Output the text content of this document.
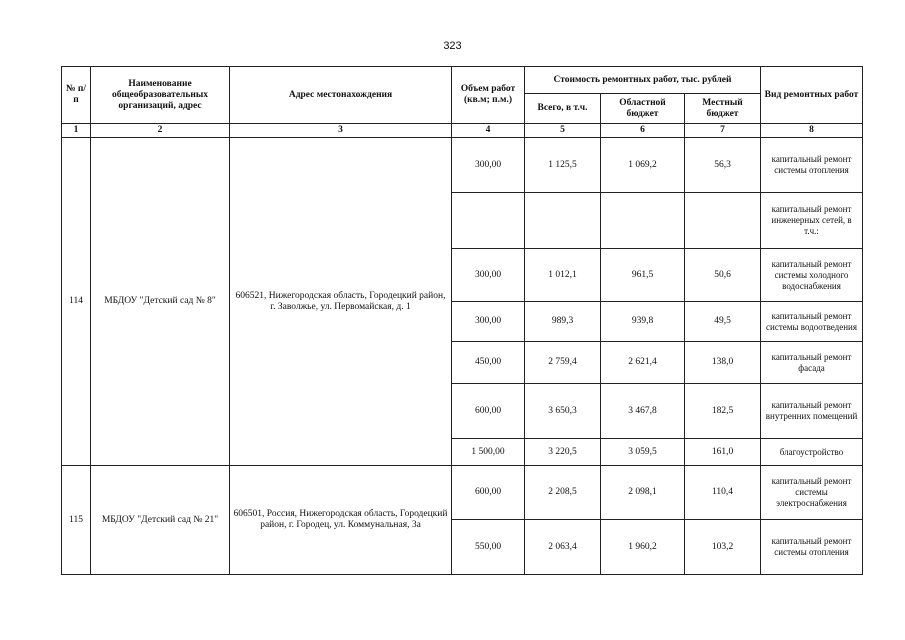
323
№ п/п	Наименование общеобразовательных организаций, адрес	Адрес местонахождения	Объем работ (кв.м; п.м.)	Стоимость ремонтных работ, тыс. рублей			Вид ремонтных работ
				Всего, в т.ч.	Областной бюджет	Местный бюджет	
1	2	3	4	5	6	7	8
114	МБДОУ "Детский сад № 8"	606521, Нижегородская область, Городецкий район, г. Заволжье, ул. Первомайская, д. 1	300,00	1 125,5	1 069,2	56,3	капитальный ремонт системы отопления
							капитальный ремонт инженерных сетей, в т.ч.:
			300,00	1 012,1	961,5	50,6	капитальный ремонт системы холодного водоснабжения
			300,00	989,3	939,8	49,5	капитальный ремонт системы водоотведения
			450,00	2 759,4	2 621,4	138,0	капитальный ремонт фасада
			600,00	3 650,3	3 467,8	182,5	капитальный ремонт внутренних помещений
			1 500,00	3 220,5	3 059,5	161,0	благоустройство
115	МБДОУ "Детский сад № 21"	606501, Россия, Нижегородская область, Городецкий район, г. Городец, ул. Коммунальная, 3а	600,00	2 208,5	2 098,1	110,4	капитальный ремонт системы электроснабжения
			550,00	2 063,4	1 960,2	103,2	капитальный ремонт системы отопления
